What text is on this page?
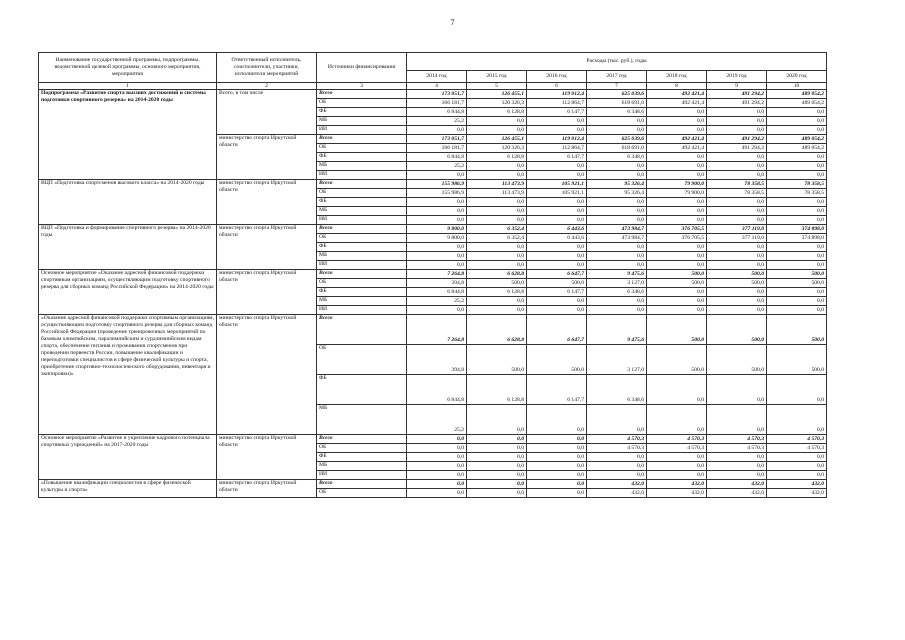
7
Наименование государственной программы, подпрограммы, ведомственной целевой программы, основного мероприятия, мероприятия	Ответственный исполнитель, соисполнители, участники, исполнители мероприятий	Источники финансирования	Расходы (тыс. руб.), годы						
			2014 год	2015 год	2016 год	2017 год	2018 год	2019 год	2020 год
1	2	3	4	5	6	7	8	9	10
Подпрограмма «Развитие спорта высших достижений и системы подготовки спортивного резерва» на 2014-2020 годы	Всего, в том числе	Всего	173 051,7	126 455,1	119 012,4	625 039,6	492 421,4	491 294,2	489 054,2
		ОБ	166 181,7	120 326,3	112 864,7	618 691,0	492 421,4	491 294,2	489 054,2
		ФБ	6 844,8	6 128,8	6 147,7	6 348,6	0,0	0,0	0,0
		МБ	25,2	0,0	0,0	0,0	0,0	0,0	0,0
		ИИ	0,0	0,0	0,0	0,0	0,0	0,0	0,0
	министерство спорта Иркутской области	Всего	173 051,7	126 455,1	119 012,4	625 039,6	492 421,4	491 294,2	489 054,2
		ОБ	166 181,7	120 326,3	112 864,7	618 691,0	492 421,4	491 294,2	489 054,2
		ФБ	6 844,8	6 128,8	6 147,7	6 348,6	0,0	0,0	0,0
		МБ	25,2	0,0	0,0	0,0	0,0	0,0	0,0
		ИИ	0,0	0,0	0,0	0,0	0,0	0,0	0,0
ВЦП «Подготовка спортсменов высокого класса» на 2014-2020 годы	министерство спорта Иркутской области	Всего	155 986,9	113 473,9	105 921,1	95 326,4	79 900,0	78 358,5	78 358,5
		ОБ	155 986,9	113 473,9	105 921,1	95 326,4	79 900,0	78 358,5	78 358,5
		ФБ	0,0	0,0	0,0	0,0	0,0	0,0	0,0
		МБ	0,0	0,0	0,0	0,0	0,0	0,0	0,0
		ИИ	0,0	0,0	0,0	0,0	0,0	0,0	0,0
ВЦП «Подготовка и формирование спортивного резерва» на 2014-2020 годы	министерство спорта Иркутской области	Всего	9 800,0	6 352,4	6 443,6	473 984,7	376 705,5	377 119,0	374 898,0
		ОБ	9 800,0	6 352,4	6 443,6	473 984,7	376 705,5	377 119,0	374 898,0
		ФБ	0,0	0,0	0,0	0,0	0,0	0,0	0,0
		МБ	0,0	0,0	0,0	0,0	0,0	0,0	0,0
		ИИ	0,0	0,0	0,0	0,0	0,0	0,0	0,0
Основное мероприятие «Оказание адресной финансовой поддержки спортивным организациям, осуществляющим подготовку спортивного резерва для сборных команд Российской Федерации» на 2014-2020 годы	министерство спорта Иркутской области	Всего	7 264,8	6 628,8	6 647,7	9 475,6	500,0	500,0	500,0
		ОБ	394,8	500,0	500,0	3 127,0	500,0	500,0	500,0
		ФБ	6 844,8	6 128,8	6 147,7	6 348,6	0,0	0,0	0,0
		МБ	25,2	0,0	0,0	0,0	0,0	0,0	0,0
		ИИ	0,0	0,0	0,0	0,0	0,0	0,0	0,0
«Оказание адресной финансовой поддержки спортивным организациям, осуществляющим подготовку спортивного резерва для сборных команд Российской Федерации (проведение тренировочных мероприятий по базовым олимпийским, паралимпийским и сурдлимпийским видам спорта, обеспечение питания и проживания спортсменов при проведении первенств России, повышение квалификации и переподготовки специалистов в сфере физической культуры и спорта, приобретение спортивно-технологического оборудования, инвентаря и экипировки)»	министерство спорта Иркутской области	Всего	7 264,8	6 628,8	6 647,7	9 475,6	500,0	500,0	500,0
		ОБ	394,8	500,0	500,0	3 127,0	500,0	500,0	500,0
		ФБ	6 844,8	6 128,8	6 147,7	6 348,6	0,0	0,0	0,0
		МБ	25,2	0,0	0,0	0,0	0,0	0,0	0,0
Основное мероприятие «Развитие и укрепление кадрового потенциала спортивных учреждений» на 2017-2020 годы	министерство спорта Иркутской области	Всего	0,0	0,0	0,0	4 570,3	4 570,3	4 570,3	4 570,3
		ОБ	0,0	0,0	0,0	4 570,3	4 570,3	4 570,3	4 570,3
		ФБ	0,0	0,0	0,0	0,0	0,0	0,0	0,0
		МБ	0,0	0,0	0,0	0,0	0,0	0,0	0,0
		ИИ	0,0	0,0	0,0	0,0	0,0	0,0	0,0
«Повышение квалификации специалистов в сфере физической культуры и спорта»	министерство спорта Иркутской области	Всего	0,0	0,0	0,0	432,0	432,0	432,0	432,0
		ОБ	0,0	0,0	0,0	432,0	432,0	432,0	432,0
